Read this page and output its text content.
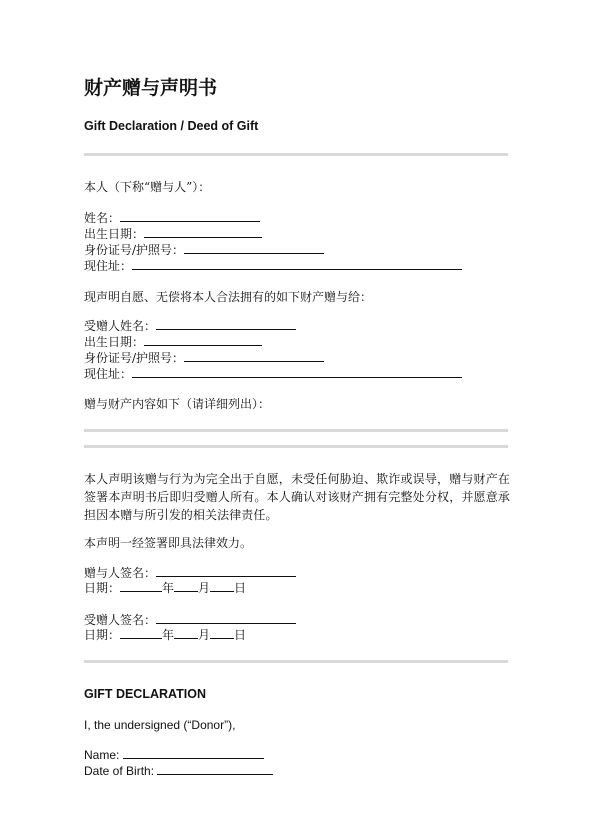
财产赠与声明书
Gift Declaration / Deed of Gift
本人（下称“赠与人”）：
姓名：
出生日期：
身份证号/护照号：
现住址：
现声明自愿、无偿将本人合法拥有的如下财产赠与给：
受赠人姓名：
出生日期：
身份证号/护照号：
现住址：
赠与财产内容如下（请详细列出）：

本人声明该赠与行为为完全出于自愿，未受任何胁迫、欺诈或误导，赠与财产在签署本声明书后即归受赠人所有。本人确认对该财产拥有完整处分权，并愿意承担因本赠与所引发的相关法律责任。

本声明一经签署即具法律效力。
赠与人签名：
日期：	年 月 日
受赠人签名：
日期：	年 月 日
GIFT DECLARATION
I, the undersigned (“Donor”),
Name:
Date of Birth:
